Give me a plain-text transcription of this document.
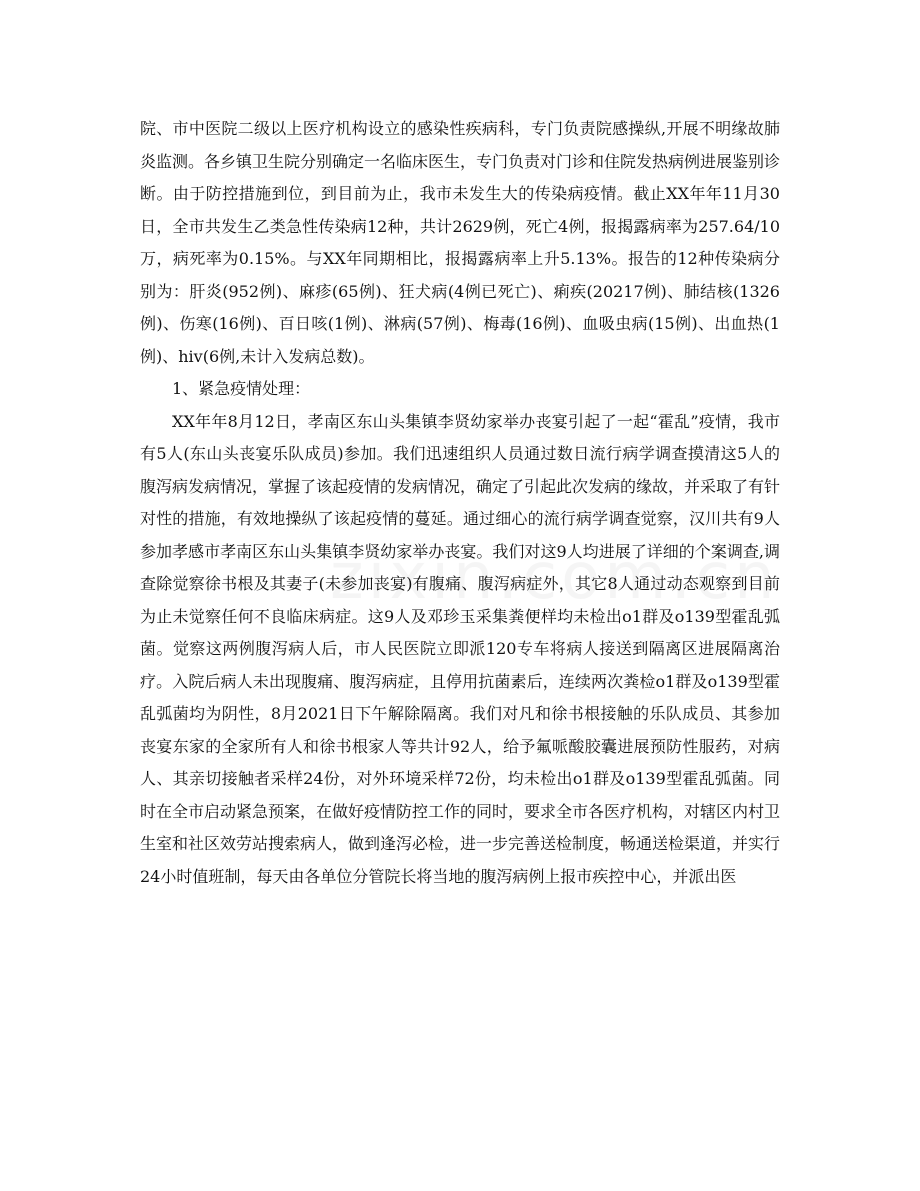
院、市中医院二级以上医疗机构设立的感染性疾病科，专门负责院感操纵,开展不明缘故肺炎监测。各乡镇卫生院分别确定一名临床医生，专门负责对门诊和住院发热病例进展鉴别诊断。由于防控措施到位，到目前为止，我市未发生大的传染病疫情。截止XX年年11月30日，全市共发生乙类急性传染病12种，共计2629例，死亡4例，报揭露病率为257.64/10万，病死率为0.15%。与XX年同期相比，报揭露病率上升5.13%。报告的12种传染病分别为：肝炎(952例)、麻疹(65例)、狂犬病(4例已死亡)、痢疾(20217例)、肺结核(1326例)、伤寒(16例)、百日咳(1例)、淋病(57例)、梅毒(16例)、血吸虫病(15例)、出血热(1例)、hiv(6例,未计入发病总数)。

1、紧急疫情处理：

XX年年8月12日，孝南区东山头集镇李贤幼家举办丧宴引起了一起“霍乱”疫情，我市有5人(东山头丧宴乐队成员)参加。我们迅速组织人员通过数日流行病学调查摸清这5人的腹泻病发病情况，掌握了该起疫情的发病情况，确定了引起此次发病的缘故，并采取了有针对性的措施，有效地操纵了该起疫情的蔓延。通过细心的流行病学调查觉察，汉川共有9人参加孝感市孝南区东山头集镇李贤幼家举办丧宴。我们对这9人均进展了详细的个案调查,调查除觉察徐书根及其妻子(未参加丧宴)有腹痛、腹泻病症外，其它8人通过动态观察到目前为止未觉察任何不良临床病症。这9人及邓珍玉采集粪便样均未检出o1群及o139型霍乱弧菌。觉察这两例腹泻病人后，市人民医院立即派120专车将病人接送到隔离区进展隔离治疗。入院后病人未出现腹痛、腹泻病症，且停用抗菌素后，连续两次粪检o1群及o139型霍乱弧菌均为阴性，8月2021日下午解除隔离。我们对凡和徐书根接触的乐队成员、其参加丧宴东家的全家所有人和徐书根家人等共计92人，给予氟哌酸胶囊进展预防性服药，对病人、其亲切接触者采样24份，对外环境采样72份，均未检出o1群及o139型霍乱弧菌。同时在全市启动紧急预案，在做好疫情防控工作的同时，要求全市各医疗机构，对辖区内村卫生室和社区效劳站搜索病人，做到逢泻必检，进一步完善送检制度，畅通送检渠道，并实行24小时值班制，每天由各单位分管院长将当地的腹泻病例上报市疾控中心，并派出医
